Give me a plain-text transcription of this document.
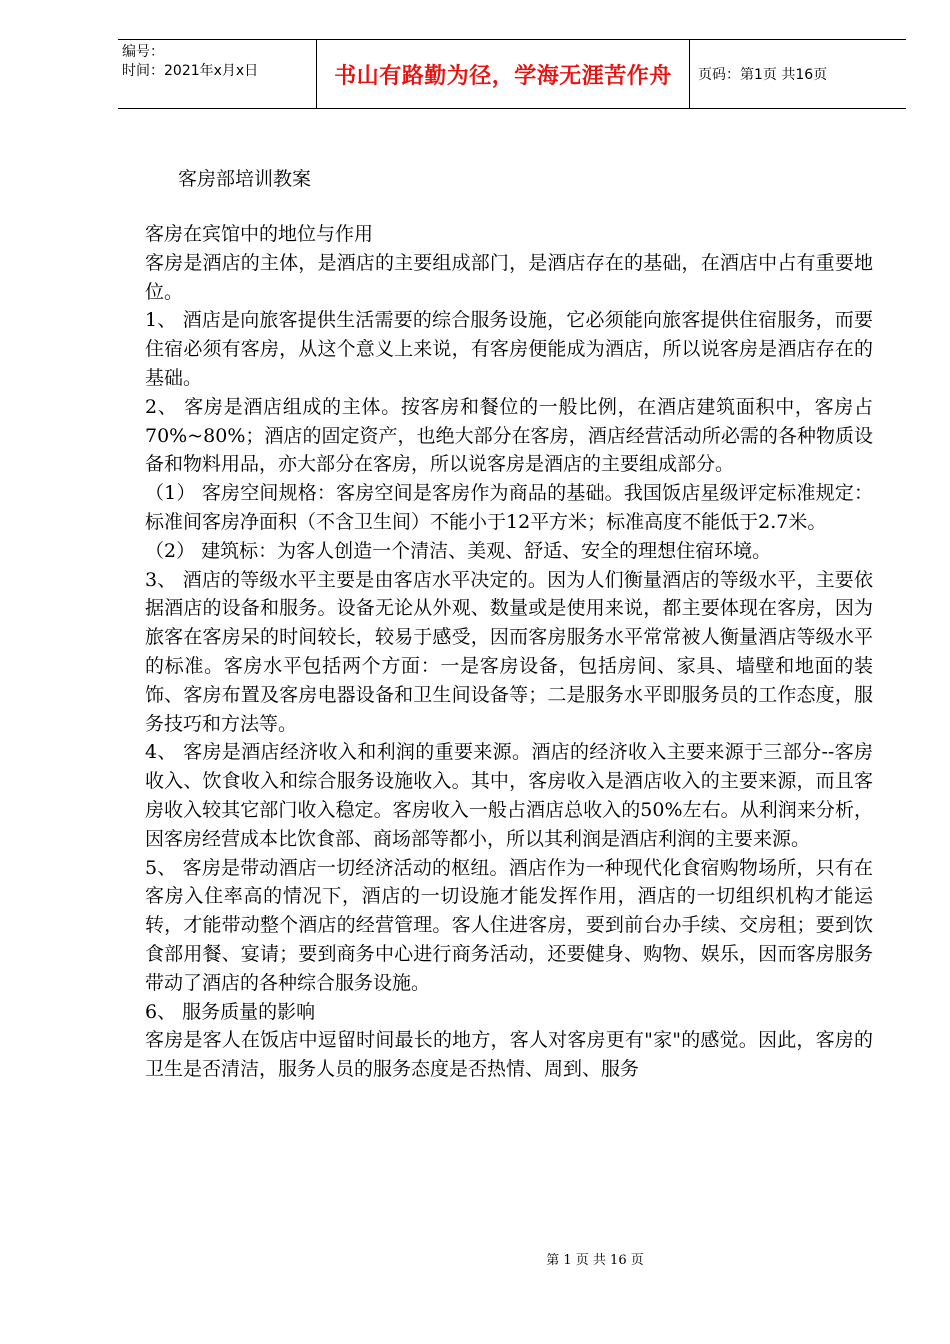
编号：
时间：2021年x月x日	书山有路勤为径，学海无涯苦作舟 页码：第1页 共16页
客房部培训教案

客房在宾馆中的地位与作用

客房是酒店的主体，是酒店的主要组成部门，是酒店存在的基础，在酒店中占有重要地位。

1、 酒店是向旅客提供生活需要的综合服务设施，它必须能向旅客提供住宿服务，而要住宿必须有客房，从这个意义上来说，有客房便能成为酒店，所以说客房是酒店存在的基础。

2、 客房是酒店组成的主体。按客房和餐位的一般比例，在酒店建筑面积中，客房占70%~80%；酒店的固定资产，也绝大部分在客房，酒店经营活动所必需的各种物质设备和物料用品，亦大部分在客房，所以说客房是酒店的主要组成部分。

（1） 客房空间规格：客房空间是客房作为商品的基础。我国饭店星级评定标准规定：标准间客房净面积（不含卫生间）不能小于12平方米；标准高度不能低于2.7米。

（2） 建筑标：为客人创造一个清洁、美观、舒适、安全的理想住宿环境。

3、 酒店的等级水平主要是由客店水平决定的。因为人们衡量酒店的等级水平，主要依据酒店的设备和服务。设备无论从外观、数量或是使用来说，都主要体现在客房，因为旅客在客房呆的时间较长，较易于感受，因而客房服务水平常常被人衡量酒店等级水平的标准。客房水平包括两个方面：一是客房设备，包括房间、家具、墙壁和地面的装饰、客房布置及客房电器设备和卫生间设备等；二是服务水平即服务员的工作态度，服务技巧和方法等。

4、 客房是酒店经济收入和利润的重要来源。酒店的经济收入主要来源于三部分--客房收入、饮食收入和综合服务设施收入。其中，客房收入是酒店收入的主要来源，而且客房收入较其它部门收入稳定。客房收入一般占酒店总收入的50%左右。从利润来分析，因客房经营成本比饮食部、商场部等都小，所以其利润是酒店利润的主要来源。

5、 客房是带动酒店一切经济活动的枢纽。酒店作为一种现代化食宿购物场所，只有在客房入住率高的情况下，酒店的一切设施才能发挥作用，酒店的一切组织机构才能运转，才能带动整个酒店的经营管理。客人住进客房，要到前台办手续、交房租；要到饮食部用餐、宴请；要到商务中心进行商务活动，还要健身、购物、娱乐，因而客房服务带动了酒店的各种综合服务设施。

6、 服务质量的影响

客房是客人在饭店中逗留时间最长的地方，客人对客房更有"家"的感觉。因此，客房的卫生是否清洁，服务人员的服务态度是否热情、周到、服务

第 1 页 共 16 页
